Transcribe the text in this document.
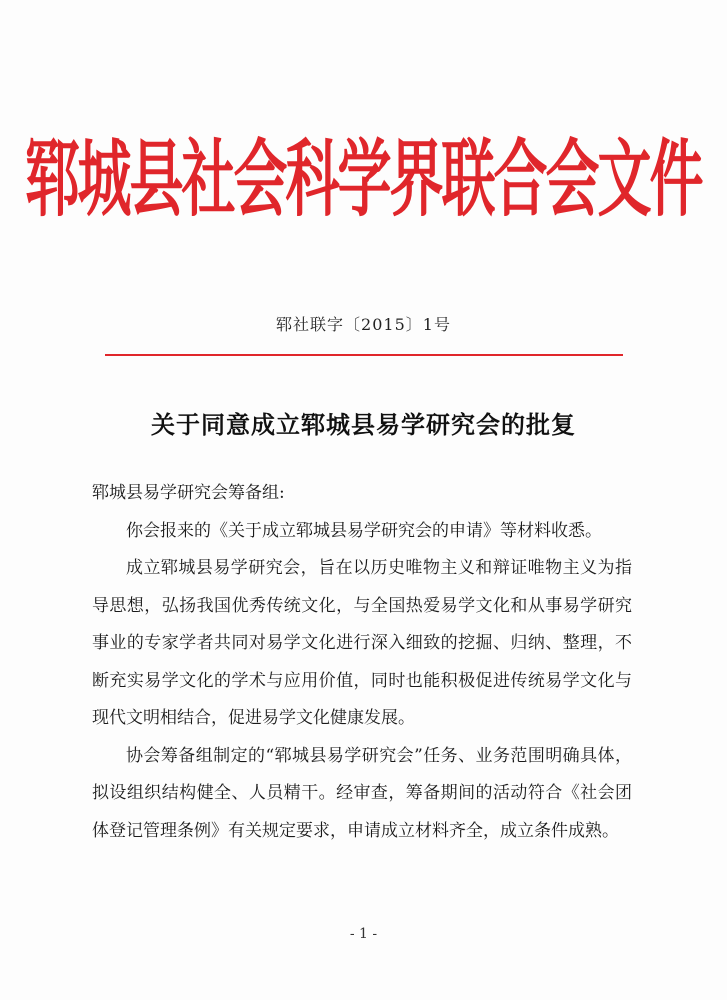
郓城县社会科学界联合会文件
郓社联字〔2015〕1号
关于同意成立郓城县易学研究会的批复

郓城县易学研究会筹备组:

你会报来的《关于成立郓城县易学研究会的申请》等材料收悉。

成立郓城县易学研究会，旨在以历史唯物主义和辩证唯物主义为指导思想，弘扬我国优秀传统文化，与全国热爱易学文化和从事易学研究事业的专家学者共同对易学文化进行深入细致的挖掘、归纳、整理，不断充实易学文化的学术与应用价值，同时也能积极促进传统易学文化与现代文明相结合，促进易学文化健康发展。

协会筹备组制定的“郓城县易学研究会”任务、业务范围明确具体，拟设组织结构健全、人员精干。经审查，筹备期间的活动符合《社会团体登记管理条例》有关规定要求，申请成立材料齐全，成立条件成熟。

- 1 -
